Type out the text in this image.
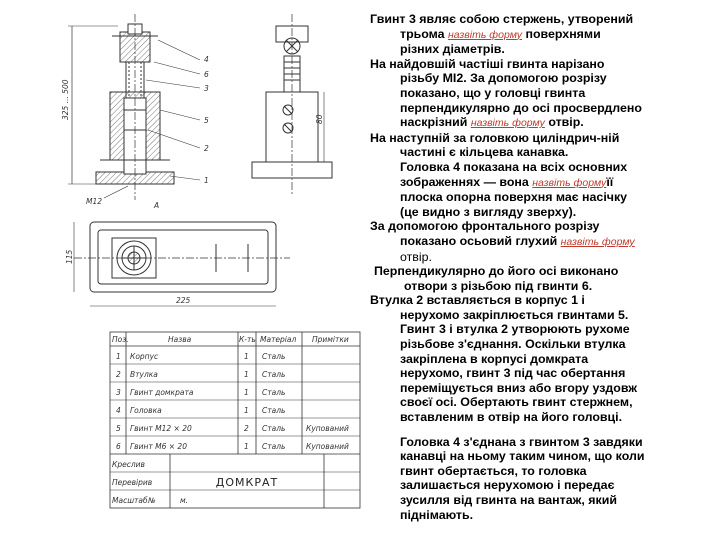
325 ... 500
4
6
3
5
2
1
M12	A
80
115
225
Поз.	Назва	К-ть Матеріал Примітки
1 Корпус	1 Сталь
2 Втулка	1 Сталь
3 Гвинт домкрата	1 Сталь
4 Головка	1 Сталь
5 Гвинт M12 × 20	2 Сталь	Купований
6 Гвинт M6 × 20	1 Сталь	Купований
Креслив
Перевірив
Масштаб №	м.
ДОМКРАТ

Гвинт 3 являє собою стержень, утворений
трьома назвіть форму поверхнями
різних діаметрів.

На найдовшій частіші гвинта нарізано
різьбу МІ2. За допомогою розрізу
показано, що у головці гвинта
перпендикулярно до осі просвердлено
наскрізний назвіть форму отвір.

На наступній за головкою циліндрич-ній
частині є кільцева канавка.
Головка 4 показана на всіх основних
зображеннях — вона назвіть формуїї
плоска опорна поверхня має насічку
(це видно з вигляду зверху).

За допомогою фронтального розрізу
показано осьовий глухий назвіть форму
отвір.

Перпендикулярно до його осі виконано
отвори з різьбою під гвинти 6.

Втулка 2 вставляється в корпус 1 і
нерухомо закріплюється гвинтами 5.
Гвинт 3 і втулка 2 утворюють рухоме
різьбове з'єднання. Оскільки втулка
закріплена в корпусі домкрата
нерухомо, гвинт 3 під час обертання
переміщується вниз або вгору уздовж
своєї осі. Обертають гвинт стержнем,
вставленим в отвір на його головці.

Головка 4 з'єднана з гвинтом 3 завдяки
канавці на ньому таким чином, що коли
гвинт обертається, то головка
залишається нерухомою і передає
зусилля від гвинта на вантаж, який
піднімають.
